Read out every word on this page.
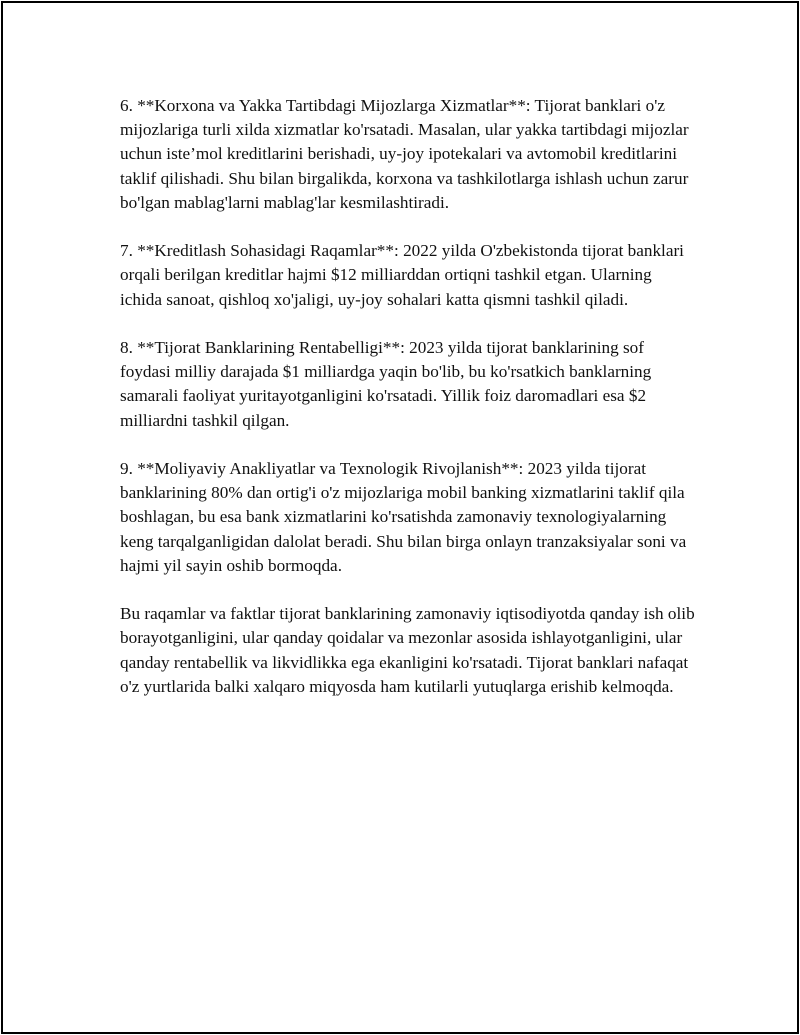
6. **Korxona va Yakka Tartibdagi Mijozlarga Xizmatlar**: Tijorat banklari o'z mijozlariga turli xilda xizmatlar ko'rsatadi. Masalan, ular yakka tartibdagi mijozlar uchun iste’mol kreditlarini berishadi, uy-joy ipotekalari va avtomobil kreditlarini taklif qilishadi. Shu bilan birgalikda, korxona va tashkilotlarga ishlash uchun zarur bo'lgan mablag'larni mablag'lar kesmilashtiradi.

7. **Kreditlash Sohasidagi Raqamlar**: 2022 yilda O'zbekistonda tijorat banklari orqali berilgan kreditlar hajmi $12 milliarddan ortiqni tashkil etgan. Ularning ichida sanoat, qishloq xo'jaligi, uy-joy sohalari katta qismni tashkil qiladi.

8. **Tijorat Banklarining Rentabelligi**: 2023 yilda tijorat banklarining sof foydasi milliy darajada $1 milliardga yaqin bo'lib, bu ko'rsatkich banklarning samarali faoliyat yuritayotganligini ko'rsatadi. Yillik foiz daromadlari esa $2 milliardni tashkil qilgan.

9. **Moliyaviy Anakliyatlar va Texnologik Rivojlanish**: 2023 yilda tijorat banklarining 80% dan ortig'i o'z mijozlariga mobil banking xizmatlarini taklif qila boshlagan, bu esa bank xizmatlarini ko'rsatishda zamonaviy texnologiyalarning keng tarqalganligidan dalolat beradi. Shu bilan birga onlayn tranzaksiyalar soni va hajmi yil sayin oshib bormoqda.

Bu raqamlar va faktlar tijorat banklarining zamonaviy iqtisodiyotda qanday ish olib borayotganligini, ular qanday qoidalar va mezonlar asosida ishlayotganligini, ular qanday rentabellik va likvidlikka ega ekanligini ko'rsatadi. Tijorat banklari nafaqat o'z yurtlarida balki xalqaro miqyosda ham kutilarli yutuqlarga erishib kelmoqda.
